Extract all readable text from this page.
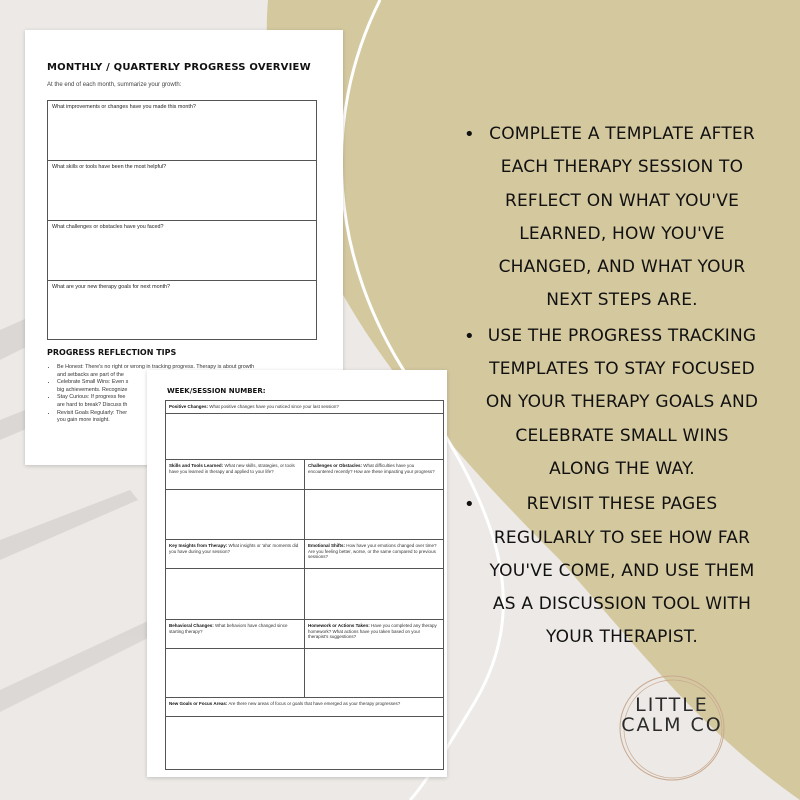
MONTHLY / QUARTERLY PROGRESS OVERVIEW
At the end of each month, summarize your growth:
What improvements or changes have you made this month?
What skills or tools have been the most helpful?
What challenges or obstacles have you faced?
What are your new therapy goals for next month?
PROGRESS REFLECTION TIPS
• Be Honest: There's no right or wrong in tracking progress. Therapy is about growth
and setbacks are part of the
• Celebrate Small Wins: Even s
big achievements. Recognize
• Stay Curious: If progress fee
are hard to break? Discuss th
• Revisit Goals Regularly: Ther
you gain more insight.
WEEK/SESSION NUMBER:
Positive Changes: What positive changes have you noticed since your last session?
Skills and Tools Learned: What new skills, strategies, or tools have you learned in therapy and applied to your life?
Challenges or Obstacles: What difficulties have you encountered recently? How are these impacting your progress?
Key Insights from Therapy: What insights or 'aha' moments did you have during your session?
Emotional Shifts: How have your emotions changed over time? Are you feeling better, worse, or the same compared to previous sessions?
Behavioral Changes: What behaviors have changed since starting therapy?
Homework or Actions Taken: Have you completed any therapy homework? What actions have you taken based on your therapist's suggestions?
New Goals or Focus Areas: Are there new areas of focus or goals that have emerged as your therapy progresses?
• COMPLETE A TEMPLATE AFTER EACH THERAPY SESSION TO REFLECT ON WHAT YOU'VE LEARNED, HOW YOU'VE CHANGED, AND WHAT YOUR NEXT STEPS ARE.
• USE THE PROGRESS TRACKING TEMPLATES TO STAY FOCUSED ON YOUR THERAPY GOALS AND CELEBRATE SMALL WINS ALONG THE WAY.
• REVISIT THESE PAGES REGULARLY TO SEE HOW FAR YOU'VE COME, AND USE THEM AS A DISCUSSION TOOL WITH YOUR THERAPIST.
LITTLE
CALM CO
